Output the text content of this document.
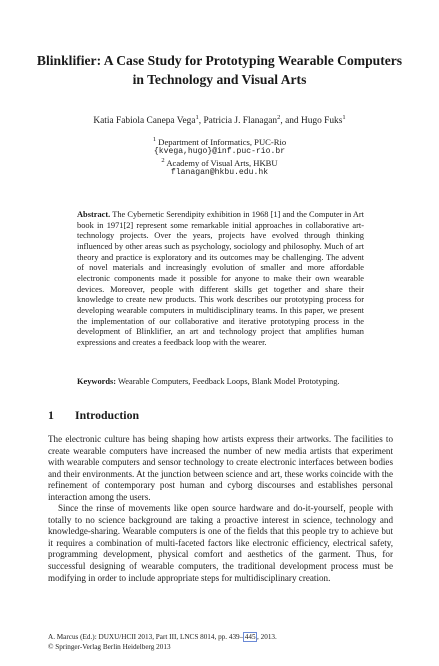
Blinklifier: A Case Study for Prototyping Wearable Computers in Technology and Visual Arts
Katia Fabiola Canepa Vega$^1$, Patricia J. Flanagan$^2$, and Hugo Fuks$^1$
$^1$ Department of Informatics, PUC-Rio
{kvega,hugo}@inf.puc-rio.br
$^2$ Academy of Visual Arts, HKBU
flanagan@hkbu.edu.hk
Abstract. The Cybernetic Serendipity exhibition in 1968 [1] and the Computer in Art book in 1971[2] represent some remarkable initial approaches in collaborative art-technology projects. Over the years, projects have evolved through thinking influenced by other areas such as psychology, sociology and philosophy. Much of art theory and practice is exploratory and its outcomes may be challenging. The advent of novel materials and increasingly evolution of smaller and more affordable electronic components made it possible for anyone to make their own wearable devices. Moreover, people with different skills get together and share their knowledge to create new products. This work describes our prototyping process for developing wearable computers in multidisciplinary teams. In this paper, we present the implementation of our collaborative and iterative prototyping process in the development of Blinklifier, an art and technology project that amplifies human expressions and creates a feedback loop with the wearer.
Keywords: Wearable Computers, Feedback Loops, Blank Model Prototyping.
1 Introduction

The electronic culture has being shaping how artists express their artworks. The facilities to create wearable computers have increased the number of new media artists that experiment with wearable computers and sensor technology to create electronic interfaces between bodies and their environments. At the junction between science and art, these works coincide with the refinement of contemporary post human and cyborg discourses and establishes personal interaction among the users.

Since the rinse of movements like open source hardware and do-it-yourself, people with totally to no science background are taking a proactive interest in science, technology and knowledge-sharing. Wearable computers is one of the fields that this people try to achieve but it requires a combination of multi-faceted factors like electronic efficiency, electrical safety, programming development, physical comfort and aesthetics of the garment. Thus, for successful designing of wearable computers, the traditional development process must be modifying in order to include appropriate steps for multidisciplinary creation.

A. Marcus (Ed.): DUXU/HCII 2013, Part III, LNCS 8014, pp. 439– 445 , 2013.
© Springer-Verlag Berlin Heidelberg 2013
